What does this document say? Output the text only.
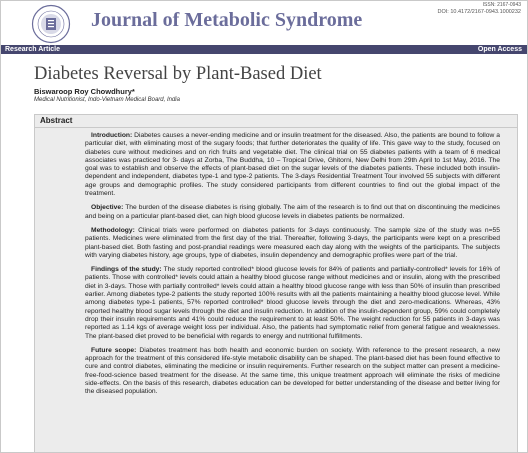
Journal of Metabolic Syndrome
ISSN: 2167-0943
DOI: 10.4172/2167-0943.1000232
Research Article	Open Access
Diabetes Reversal by Plant-Based Diet
Biswaroop Roy Chowdhury*
Medical Nutritionist, Indo-Vietnam Medical Board, India
Abstract

Introduction: Diabetes causes a never-ending medicine and or insulin treatment for the diseased. Also, the patients are bound to follow a particular diet, with eliminating most of the sugary foods; that further deteriorates the quality of life. This gave way to the study, focused on diabetes cure without medicines and on rich fruits and vegetable diet. The clinical trial on 55 diabetes patients with a team of 6 medical associates was practiced for 3- days at Zorba, The Buddha, 10 – Tropical Drive, Ghitorni, New Delhi from 29th April to 1st May, 2016. The goal was to establish and observe the effects of plant-based diet on the sugar levels of the diabetes patients. These included both insulin-dependent and independent, diabetes type-1 and type-2 patients. The 3-days Residential Treatment Tour involved 55 subjects with different age groups and demographic profiles. The study considered participants from different countries to find out the global impact of the treatment.

Objective: The burden of the disease diabetes is rising globally. The aim of the research is to find out that on discontinuing the medicines and being on a particular plant-based diet, can high blood glucose levels in diabetes patients be normalized.

Methodology: Clinical trials were performed on diabetes patients for 3-days continuously. The sample size of the study was n=55 patients. Medicines were eliminated from the first day of the trial. Thereafter, following 3-days, the participants were kept on a prescribed plant-based diet. Both fasting and post-prandial readings were measured each day along with the weights of the participants. The subjects with varying diabetes history, age groups, type of diabetes, insulin dependency and demographic profiles were part of the trial.

Findings of the study: The study reported controlled* blood glucose levels for 84% of patients and partially-controlled* levels for 16% of patients. Those with controlled* levels could attain a healthy blood glucose range without medicines and or insulin, along with the prescribed diet in 3-days. Those with partially controlled* levels could attain a healthy blood glucose range with less than 50% of insulin than prescribed earlier. Among diabetes type-2 patients the study reported 100% results with all the patients maintaining a healthy blood glucose level. While among diabetes type-1 patients, 57% reported controlled* blood glucose levels through the diet and zero-medications. Whereas, 43% reported healthy blood sugar levels through the diet and insulin reduction. In addition of the insulin-dependent group, 59% could completely drop their insulin requirements and 41% could reduce the requirement to at least 50%. The weight reduction for 55 patients in 3-days was reported as 1.14 kgs of average weight loss per individual. Also, the patients had symptomatic relief from general fatigue and weaknesses. The plant-based diet proved to be beneficial with regards to energy and nutritional fulfillments.

Future scope: Diabetes treatment has both health and economic burden on society. With reference to the present research, a new approach for the treatment of this considered life-style metabolic disability can be shaped. The plant-based diet has been found effective to cure and control diabetes, eliminating the medicine or insulin requirements. Further research on the subject matter can present a medicine-free-food-science based treatment for the disease. At the same time, this unique treatment approach will eliminate the risks of medicine side-effects. On the basis of this research, diabetes education can be developed for better understanding of the disease and better living for the diseased population.
